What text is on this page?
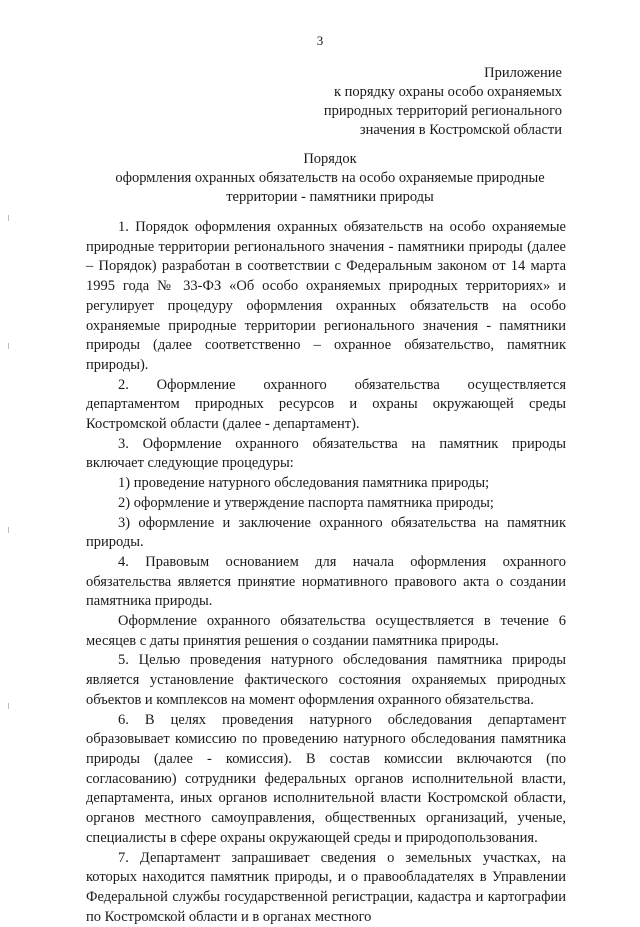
3
Приложение
к порядку охраны особо охраняемых
природных территорий регионального
значения в Костромской области
Порядок
оформления охранных обязательств на особо охраняемые природные
территории - памятники природы

1. Порядок оформления охранных обязательств на особо охраняемые природные территории регионального значения - памятники природы (далее – Порядок) разработан в соответствии с Федеральным законом от 14 марта 1995 года № 33-ФЗ «Об особо охраняемых природных территориях» и регулирует процедуру оформления охранных обязательств на особо охраняемые природные территории регионального значения - памятники природы (далее соответственно – охранное обязательство, памятник природы).

2. Оформление охранного обязательства осуществляется департаментом природных ресурсов и охраны окружающей среды Костромской области (далее - департамент).

3. Оформление охранного обязательства на памятник природы включает следующие процедуры:

1) проведение натурного обследования памятника природы;

2) оформление и утверждение паспорта памятника природы;

3) оформление и заключение охранного обязательства на памятник природы.

4. Правовым основанием для начала оформления охранного обязательства является принятие нормативного правового акта о создании памятника природы.

Оформление охранного обязательства осуществляется в течение 6 месяцев с даты принятия решения о создании памятника природы.

5. Целью проведения натурного обследования памятника природы является установление фактического состояния охраняемых природных объектов и комплексов на момент оформления охранного обязательства.

6. В целях проведения натурного обследования департамент образовывает комиссию по проведению натурного обследования памятника природы (далее - комиссия). В состав комиссии включаются (по согласованию) сотрудники федеральных органов исполнительной власти, департамента, иных органов исполнительной власти Костромской области, органов местного самоуправления, общественных организаций, ученые, специалисты в сфере охраны окружающей среды и природопользования.

7. Департамент запрашивает сведения о земельных участках, на которых находится памятник природы, и о правообладателях в Управлении Федеральной службы государственной регистрации, кадастра и картографии по Костромской области и в органах местного
